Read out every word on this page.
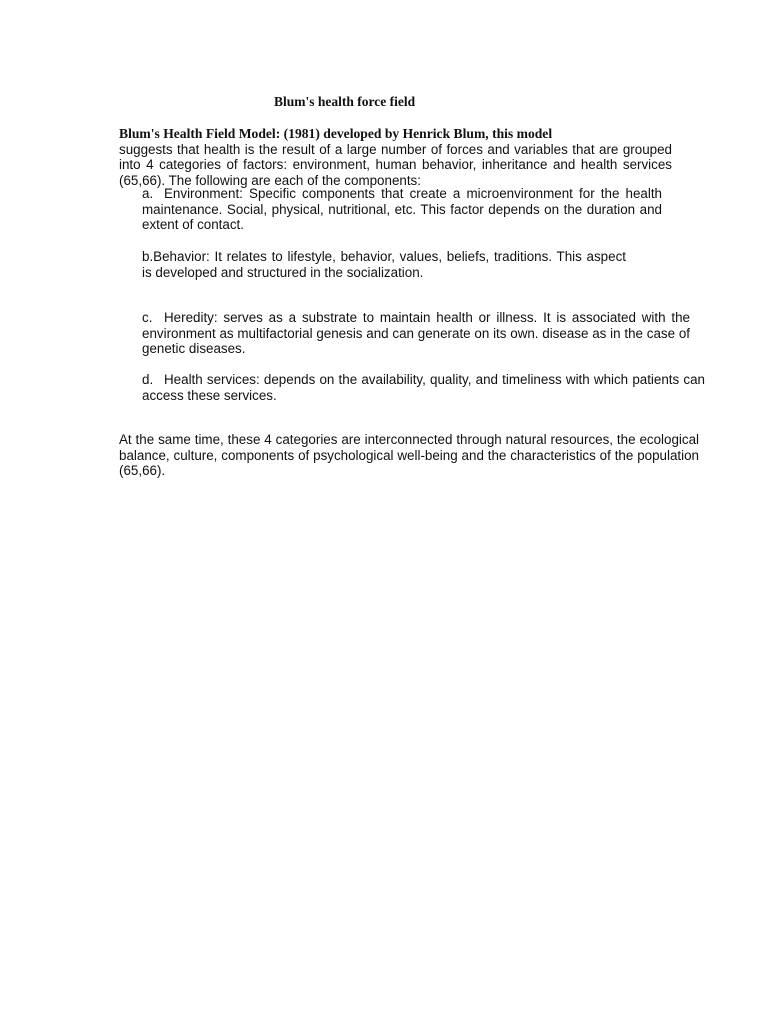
Blum's health force field
Blum's Health Field Model: (1981) developed by Henrick Blum, this model
suggests that health is the result of a large number of forces and variables that are grouped into 4 categories of factors: environment, human behavior, inheritance and health services (65,66). The following are each of the components:
a. Environment: Specific components that create a microenvironment for the health maintenance. Social, physical, nutritional, etc. This factor depends on the duration and extent of contact.
b.Behavior: It relates to lifestyle, behavior, values, beliefs, traditions. This aspect is developed and structured in the socialization.
c. Heredity: serves as a substrate to maintain health or illness. It is associated with the environment as multifactorial genesis and can generate on its own. disease as in the case of genetic diseases.
d. Health services: depends on the availability, quality, and timeliness with which patients can access these services.
At the same time, these 4 categories are interconnected through natural resources, the ecological balance, culture, components of psychological well-being and the characteristics of the population (65,66).
